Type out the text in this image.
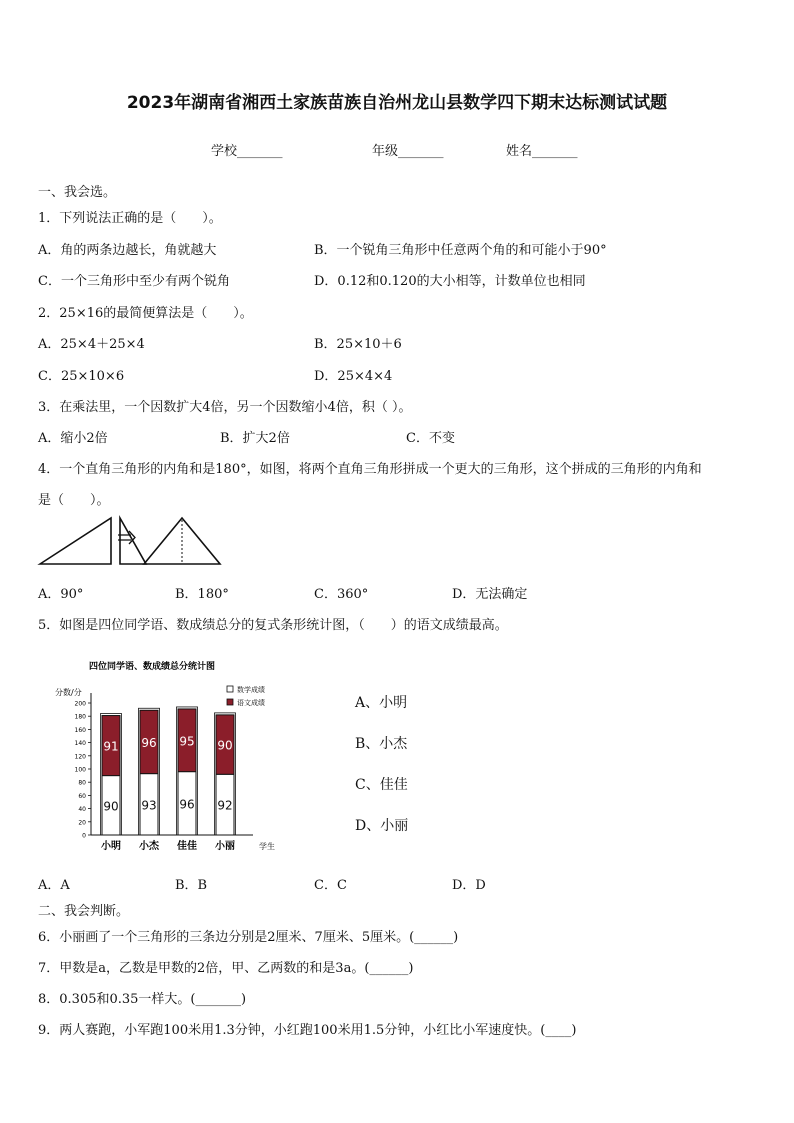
2023年湖南省湘西土家族苗族自治州龙山县数学四下期末达标测试试题
学校_______	年级_______	姓名_______
一、我会选。
1．下列说法正确的是（　　）。
A．角的两条边越长，角就越大	B．一个锐角三角形中任意两个角的和可能小于90°
C．一个三角形中至少有两个锐角	D．0.12和0.120的大小相等，计数单位也相同
2．25×16的最简便算法是（　　）。
A．25×4＋25×4	B．25×10＋6
C．25×10×6	D．25×4×4
3．在乘法里，一个因数扩大4倍，另一个因数缩小4倍，积（ ）。
A．缩小2倍	B．扩大2倍	C．不变
4．一个直角三角形的内角和是180°，如图，将两个直角三角形拼成一个更大的三角形，这个拼成的三角形的内角和
是（　　）。
A．90°	B．180°	C．360°	D．无法确定
5．如图是四位同学语、数成绩总分的复式条形统计图，（　　）的语文成绩最高。
四位同学语、数成绩总分统计图
分数/分
学生
数学成绩
语文成绩
90
91
93
96
96
95
92
90
0
20
40
60
80
100
120
140
160
180
200
小明 小杰 佳佳 小丽
A、小明
B、小杰
C、佳佳
D、小丽
A．A	B．B	C．C	D．D
二、我会判断。
6．小丽画了一个三角形的三条边分别是2厘米、7厘米、5厘米。(______)
7．甲数是a，乙数是甲数的2倍，甲、乙两数的和是3a。(______)
8．0.305和0.35一样大。(_______)
9．两人赛跑，小军跑100米用1.3分钟，小红跑100米用1.5分钟，小红比小军速度快。(____)
